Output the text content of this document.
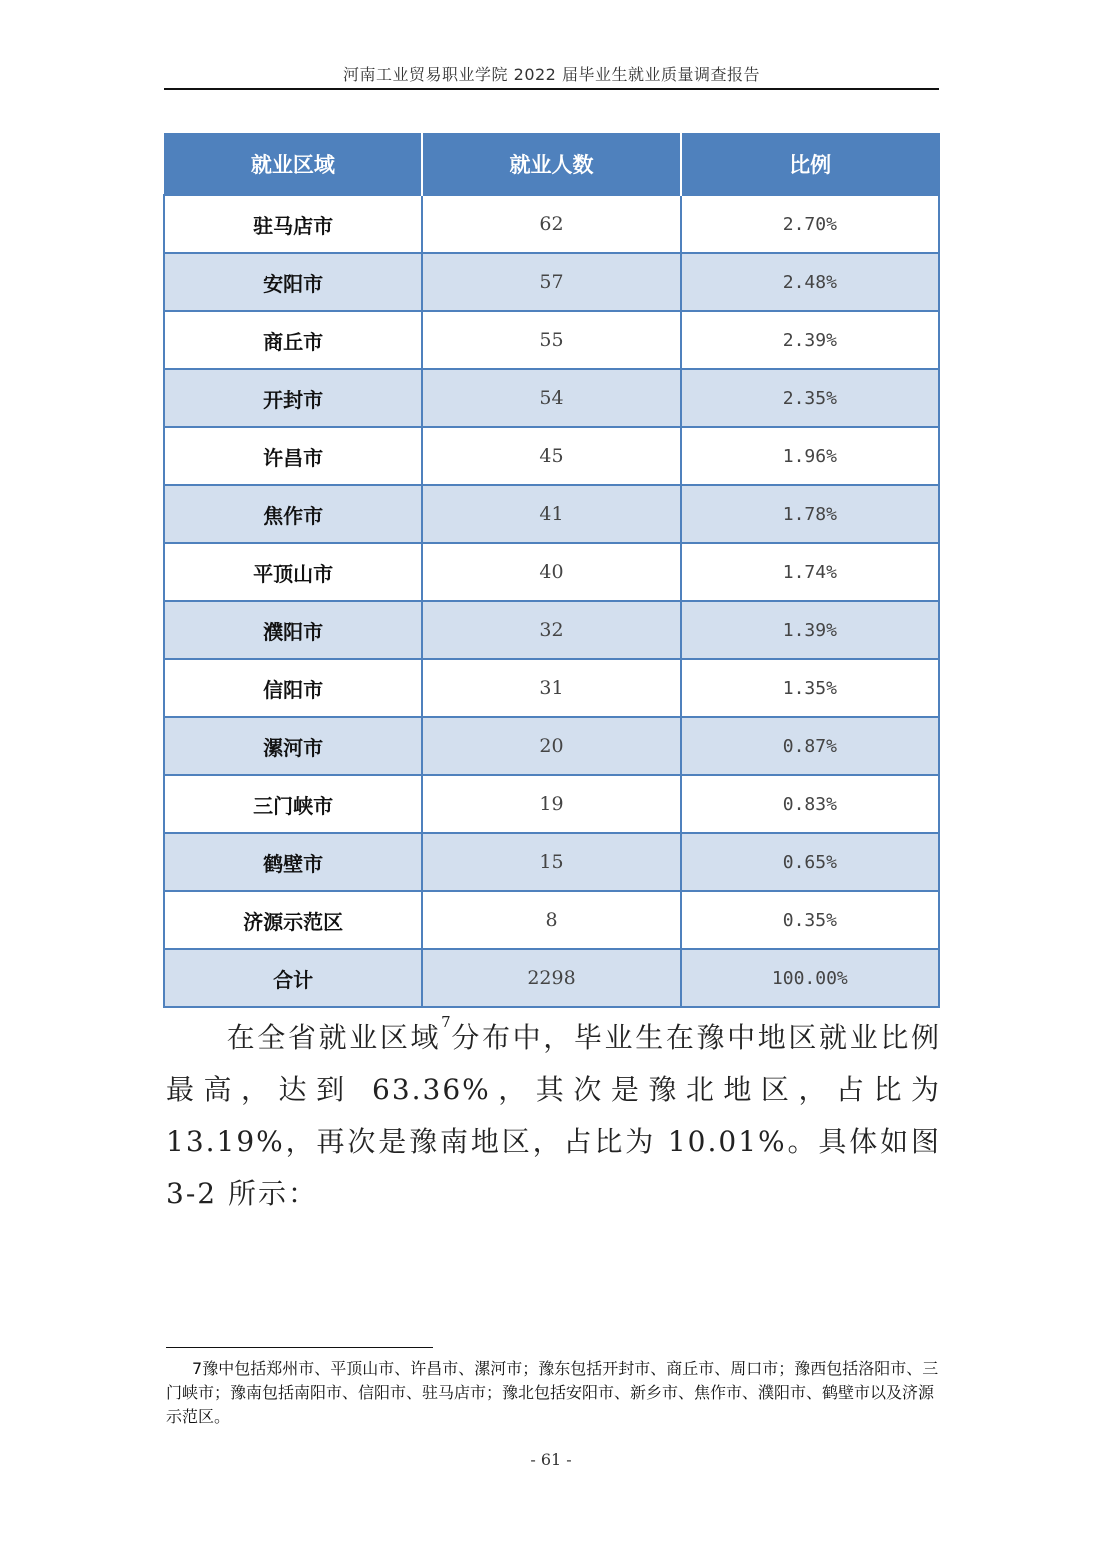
河南工业贸易职业学院 2022 届毕业生就业质量调查报告
就业区域	就业人数	比例
驻马店市	62	2.70%
安阳市	57	2.48%
商丘市	55	2.39%
开封市	54	2.35%
许昌市	45	1.96%
焦作市	41	1.78%
平顶山市	40	1.74%
濮阳市	32	1.39%
信阳市	31	1.35%
漯河市	20	0.87%
三门峡市	19	0.83%
鹤壁市	15	0.65%
济源示范区	8	0.35%
合计	2298	100.00%
在全省就业区域$^7$分布中，毕业生在豫中地区就业比例最高，达到 63.36%，其次是豫北地区，占比为 13.19%，再次是豫南地区，占比为 10.01%。具体如图 3-2 所示：
7豫中包括郑州市、平顶山市、许昌市、漯河市；豫东包括开封市、商丘市、周口市；豫西包括洛阳市、三门峡市；豫南包括南阳市、信阳市、驻马店市；豫北包括安阳市、新乡市、焦作市、濮阳市、鹤壁市以及济源示范区。
- 61 -
